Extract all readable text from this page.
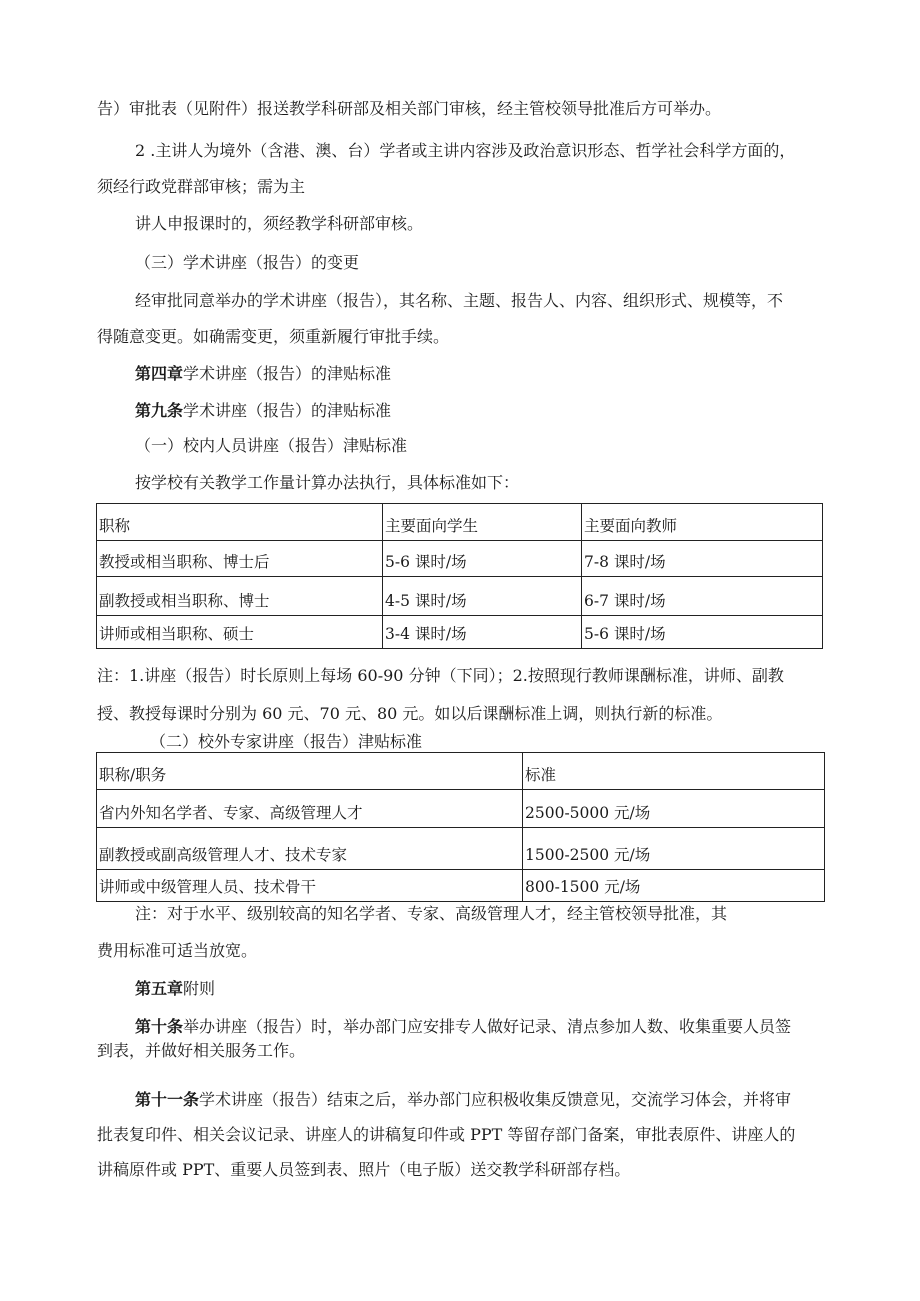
告）审批表（见附件）报送教学科研部及相关部门审核，经主管校领导批准后方可举办。
2 .主讲人为境外（含港、澳、台）学者或主讲内容涉及政治意识形态、哲学社会科学方面的，
须经行政党群部审核；需为主
讲人申报课时的，须经教学科研部审核。
（三）学术讲座（报告）的变更
经审批同意举办的学术讲座（报告），其名称、主题、报告人、内容、组织形式、规模等，不
得随意变更。如确需变更，须重新履行审批手续。
第四章学术讲座（报告）的津贴标准
第九条学术讲座（报告）的津贴标准
（一）校内人员讲座（报告）津贴标准
按学校有关教学工作量计算办法执行，具体标准如下：
职称	主要面向学生	主要面向教师
教授或相当职称、博士后	5-6 课时/场	7-8 课时/场
副教授或相当职称、博士	4-5 课时/场	6-7 课时/场
讲师或相当职称、硕士	3-4 课时/场	5-6 课时/场
注：1.讲座（报告）时长原则上每场 60-90 分钟（下同）；2.按照现行教师课酬标准，讲师、副教
授、教授每课时分别为 60 元、70 元、80 元。如以后课酬标准上调，则执行新的标准。
（二）校外专家讲座（报告）津贴标准
职称/职务	标准
省内外知名学者、专家、高级管理人才	2500-5000 元/场
副教授或副高级管理人才、技术专家	1500-2500 元/场
讲师或中级管理人员、技术骨干	800-1500 元/场
注：对于水平、级别较高的知名学者、专家、高级管理人才，经主管校领导批准，其
费用标准可适当放宽。
第五章附则
第十条举办讲座（报告）时，举办部门应安排专人做好记录、清点参加人数、收集重要人员签
到表，并做好相关服务工作。
第十一条学术讲座（报告）结束之后，举办部门应积极收集反馈意见，交流学习体会，并将审
批表复印件、相关会议记录、讲座人的讲稿复印件或 PPT 等留存部门备案，审批表原件、讲座人的
讲稿原件或 PPT、重要人员签到表、照片（电子版）送交教学科研部存档。
